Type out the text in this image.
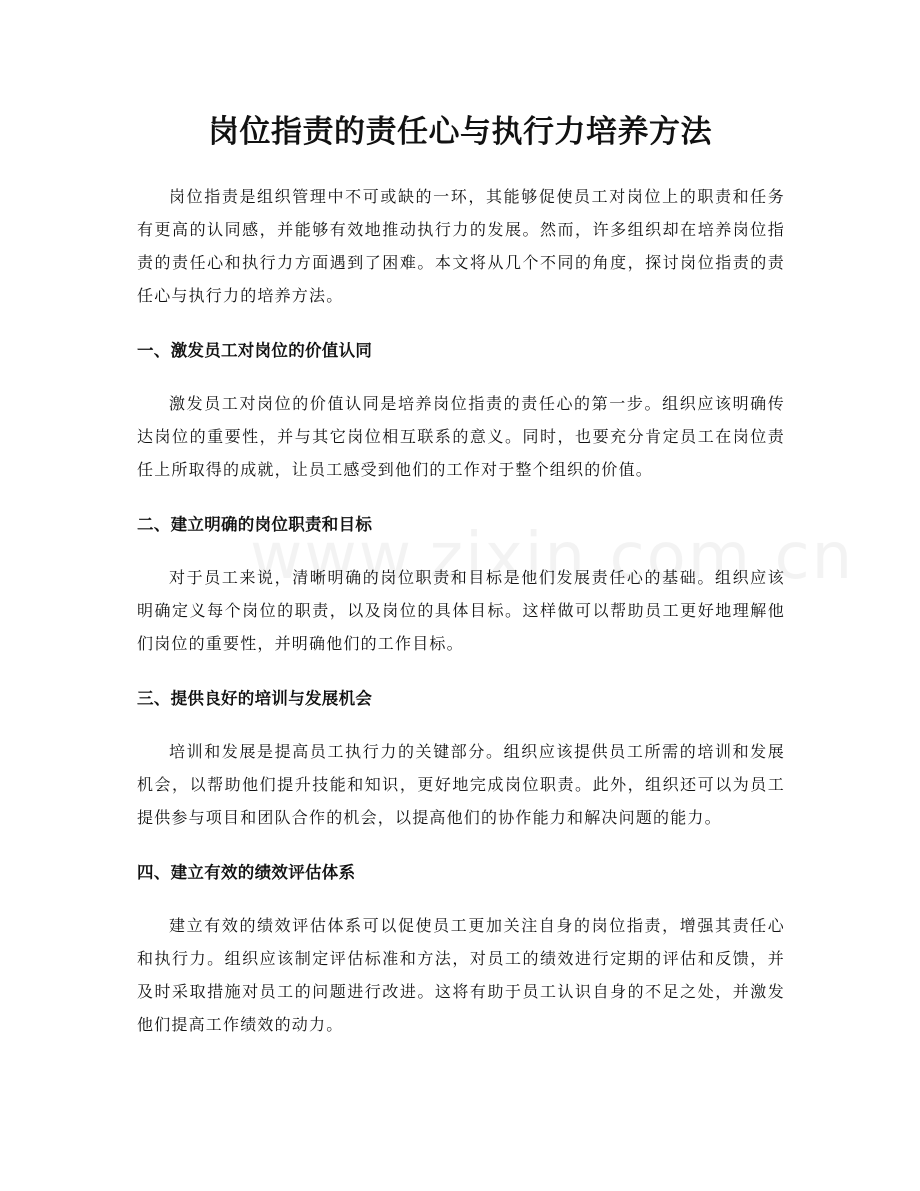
岗位指责的责任心与执行力培养方法

岗位指责是组织管理中不可或缺的一环，其能够促使员工对岗位上的职责和任务有更高的认同感，并能够有效地推动执行力的发展。然而，许多组织却在培养岗位指责的责任心和执行力方面遇到了困难。本文将从几个不同的角度，探讨岗位指责的责任心与执行力的培养方法。

一、激发员工对岗位的价值认同

激发员工对岗位的价值认同是培养岗位指责的责任心的第一步。组织应该明确传达岗位的重要性，并与其它岗位相互联系的意义。同时，也要充分肯定员工在岗位责任上所取得的成就，让员工感受到他们的工作对于整个组织的价值。

二、建立明确的岗位职责和目标

对于员工来说，清晰明确的岗位职责和目标是他们发展责任心的基础。组织应该明确定义每个岗位的职责，以及岗位的具体目标。这样做可以帮助员工更好地理解他们岗位的重要性，并明确他们的工作目标。

三、提供良好的培训与发展机会

培训和发展是提高员工执行力的关键部分。组织应该提供员工所需的培训和发展机会，以帮助他们提升技能和知识，更好地完成岗位职责。此外，组织还可以为员工提供参与项目和团队合作的机会，以提高他们的协作能力和解决问题的能力。

四、建立有效的绩效评估体系

建立有效的绩效评估体系可以促使员工更加关注自身的岗位指责，增强其责任心和执行力。组织应该制定评估标准和方法，对员工的绩效进行定期的评估和反馈，并及时采取措施对员工的问题进行改进。这将有助于员工认识自身的不足之处，并激发他们提高工作绩效的动力。
